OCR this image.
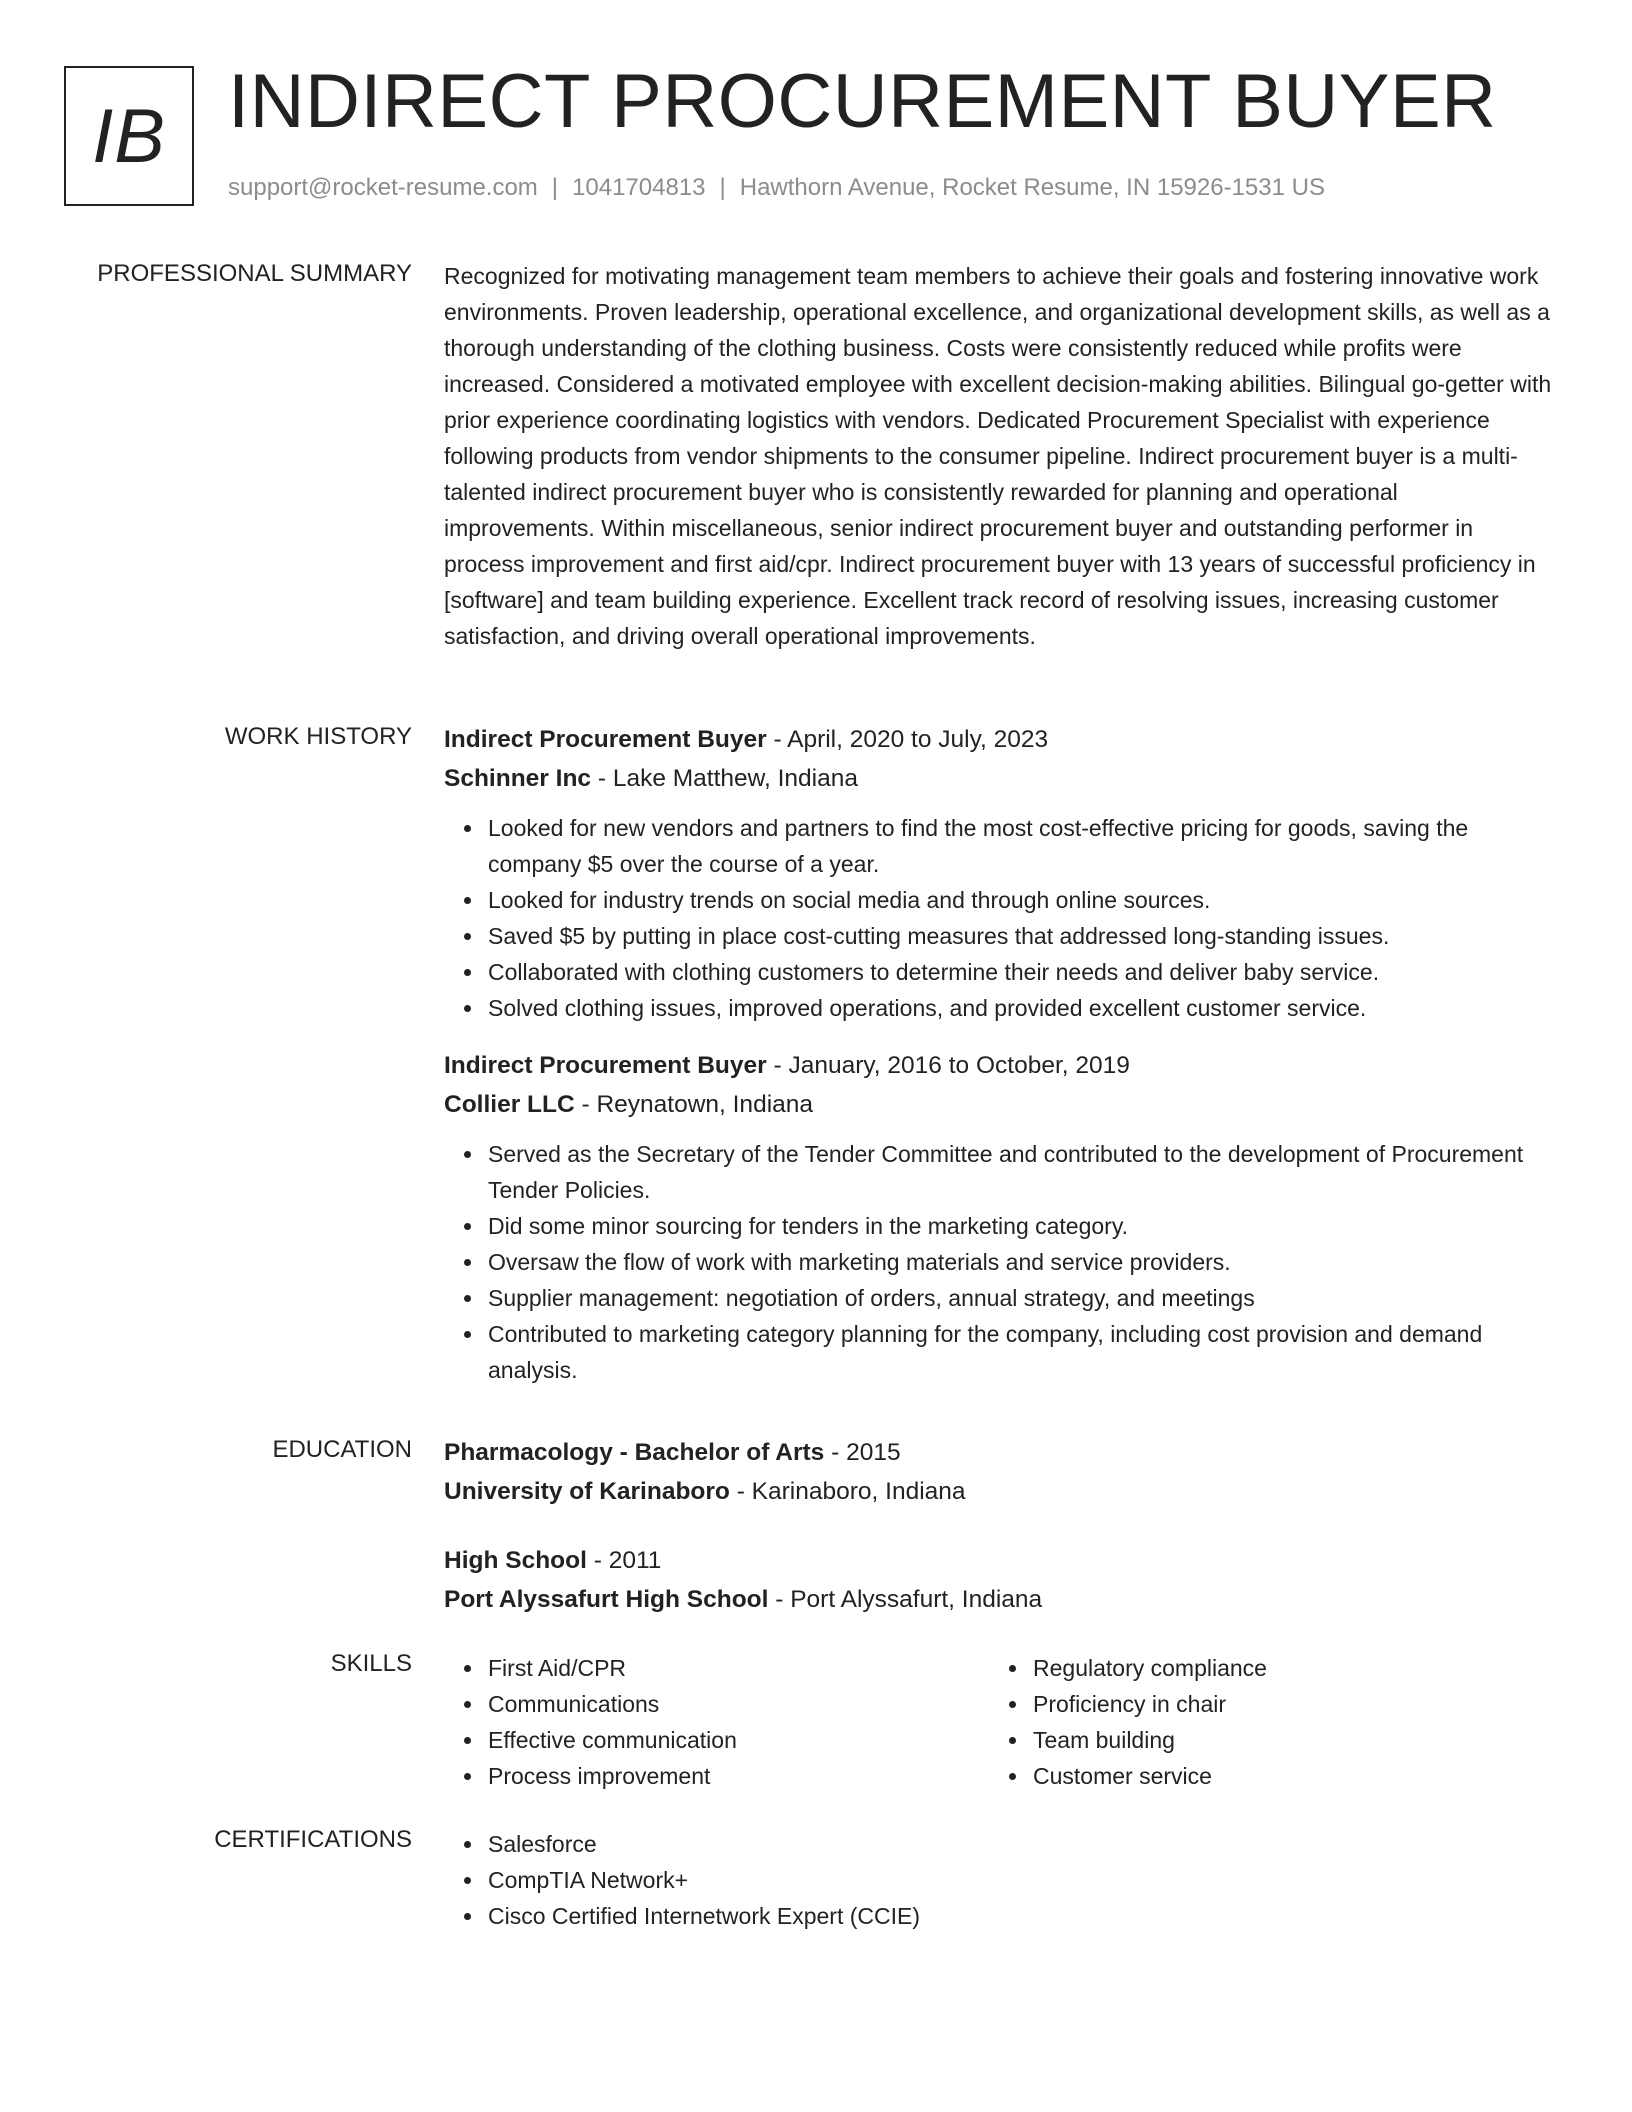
IB INDIRECT PROCUREMENT BUYER
support@rocket-resume.com | 1041704813 | Hawthorn Avenue, Rocket Resume, IN 15926-1531 US
PROFESSIONAL SUMMARY Recognized for motivating management team members to achieve their goals and fostering innovative work environments. Proven leadership, operational excellence, and organizational development skills, as well as a thorough understanding of the clothing business. Costs were consistently reduced while profits were increased. Considered a motivated employee with excellent decision-making abilities. Bilingual go-getter with prior experience coordinating logistics with vendors. Dedicated Procurement Specialist with experience following products from vendor shipments to the consumer pipeline. Indirect procurement buyer is a multi-talented indirect procurement buyer who is consistently rewarded for planning and operational improvements. Within miscellaneous, senior indirect procurement buyer and outstanding performer in process improvement and first aid/cpr. Indirect procurement buyer with 13 years of successful proficiency in [software] and team building experience. Excellent track record of resolving issues, increasing customer satisfaction, and driving overall operational improvements.

WORK HISTORY Indirect Procurement Buyer - April, 2020 to July, 2023
Schinner Inc - Lake Matthew, Indiana
Looked for new vendors and partners to find the most cost-effective pricing for goods, saving the company $5 over the course of a year.
Looked for industry trends on social media and through online sources.
Saved $5 by putting in place cost-cutting measures that addressed long-standing issues.
Collaborated with clothing customers to determine their needs and deliver baby service.
Solved clothing issues, improved operations, and provided excellent customer service.
Indirect Procurement Buyer - January, 2016 to October, 2019
Collier LLC - Reynatown, Indiana
Served as the Secretary of the Tender Committee and contributed to the development of Procurement Tender Policies.
Did some minor sourcing for tenders in the marketing category.
Oversaw the flow of work with marketing materials and service providers.
Supplier management: negotiation of orders, annual strategy, and meetings
Contributed to marketing category planning for the company, including cost provision and demand analysis.
EDUCATION Pharmacology - Bachelor of Arts - 2015
University of Karinaboro - Karinaboro, Indiana
High School - 2011
Port Alyssafurt High School - Port Alyssafurt, Indiana
SKILLS	First Aid/CPR
Communications
Effective communication
Process improvement
Regulatory compliance
Proficiency in chair
Team building
Customer service
CERTIFICATIONS	Salesforce
CompTIA Network+
Cisco Certified Internetwork Expert (CCIE)
